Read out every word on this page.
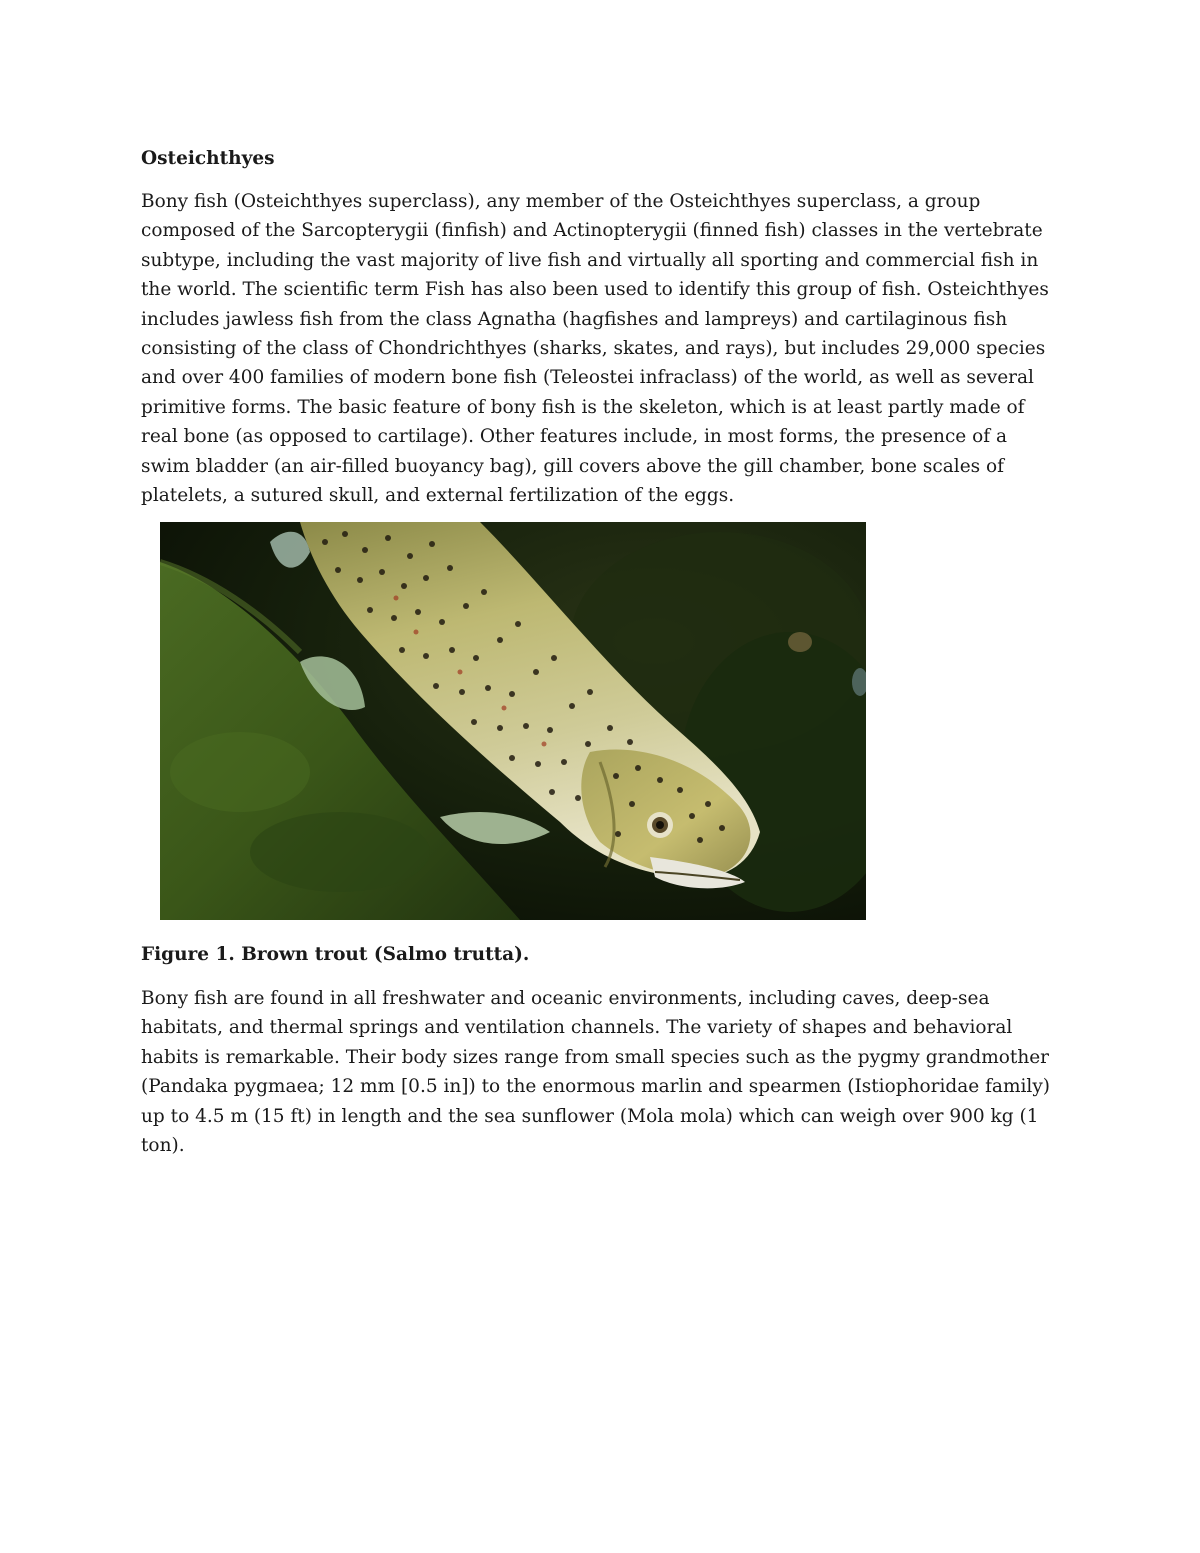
Osteichthyes

Bony fish (Osteichthyes superclass), any member of the Osteichthyes superclass, a group composed of the Sarcopterygii (finfish) and Actinopterygii (finned fish) classes in the vertebrate subtype, including the vast majority of live fish and virtually all sporting and commercial fish in the world. The scientific term Fish has also been used to identify this group of fish. Osteichthyes includes jawless fish from the class Agnatha (hagfishes and lampreys) and cartilaginous fish consisting of the class of Chondrichthyes (sharks, skates, and rays), but includes 29,000 species and over 400 families of modern bone fish (Teleostei infraclass) of the world, as well as several primitive forms. The basic feature of bony fish is the skeleton, which is at least partly made of real bone (as opposed to cartilage). Other features include, in most forms, the presence of a swim bladder (an air-filled buoyancy bag), gill covers above the gill chamber, bone scales of platelets, a sutured skull, and external fertilization of the eggs.

Figure 1. Brown trout (Salmo trutta).

Bony fish are found in all freshwater and oceanic environments, including caves, deep-sea habitats, and thermal springs and ventilation channels. The variety of shapes and behavioral habits is remarkable. Their body sizes range from small species such as the pygmy grandmother (Pandaka pygmaea; 12 mm [0.5 in]) to the enormous marlin and spearmen (Istiophoridae family) up to 4.5 m (15 ft) in length and the sea sunflower (Mola mola) which can weigh over 900 kg (1 ton).
